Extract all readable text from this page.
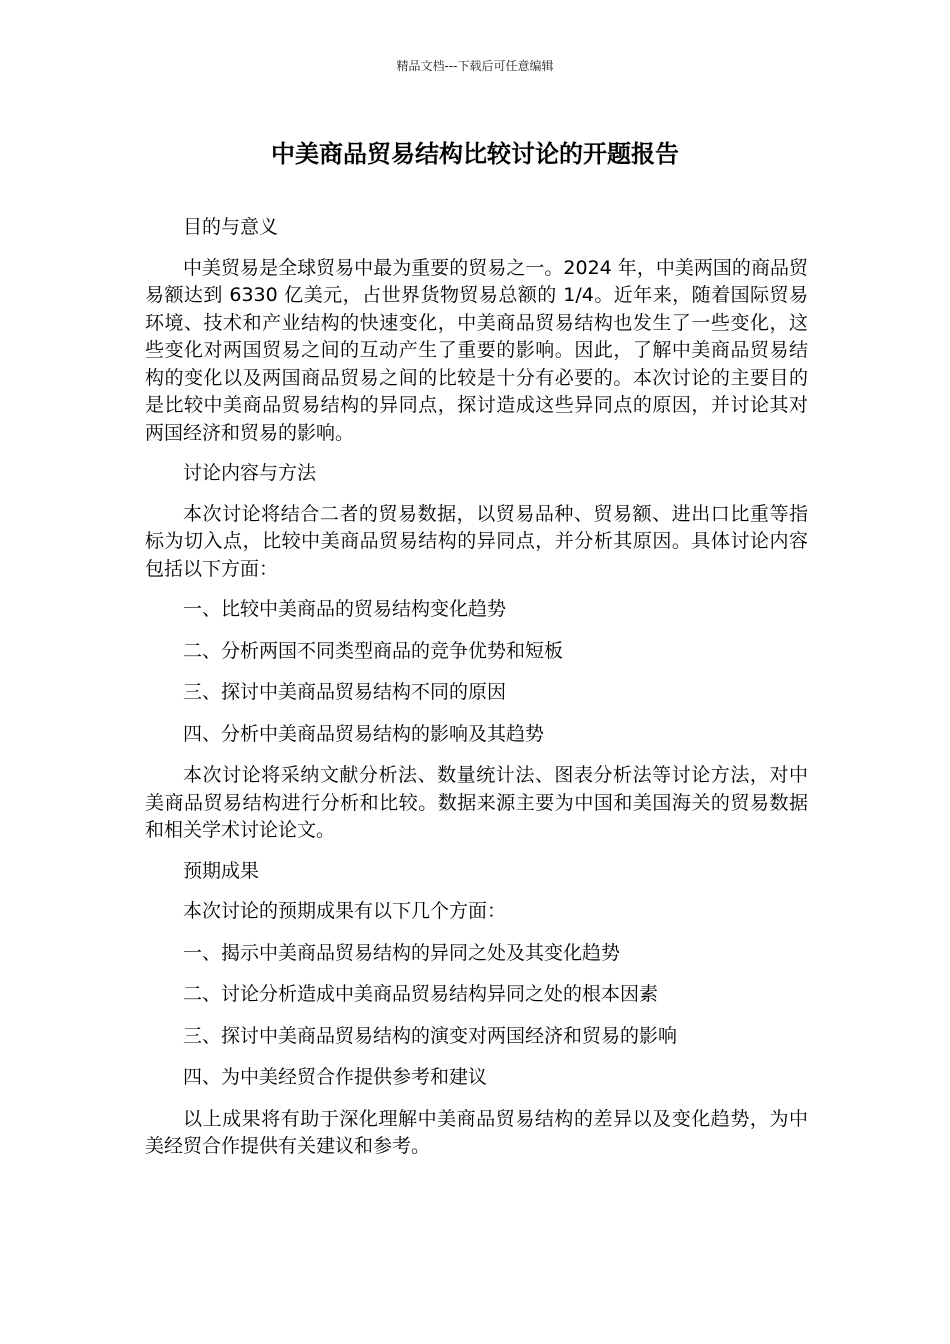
精品文档---下载后可任意编辑
中美商品贸易结构比较讨论的开题报告

目的与意义

中美贸易是全球贸易中最为重要的贸易之一。2024 年，中美两国的商品贸易额达到 6330 亿美元，占世界货物贸易总额的 1/4。近年来，随着国际贸易环境、技术和产业结构的快速变化，中美商品贸易结构也发生了一些变化，这些变化对两国贸易之间的互动产生了重要的影响。因此，了解中美商品贸易结构的变化以及两国商品贸易之间的比较是十分有必要的。本次讨论的主要目的是比较中美商品贸易结构的异同点，探讨造成这些异同点的原因，并讨论其对两国经济和贸易的影响。

讨论内容与方法

本次讨论将结合二者的贸易数据，以贸易品种、贸易额、进出口比重等指标为切入点，比较中美商品贸易结构的异同点，并分析其原因。具体讨论内容包括以下方面：

一、比较中美商品的贸易结构变化趋势

二、分析两国不同类型商品的竞争优势和短板

三、探讨中美商品贸易结构不同的原因

四、分析中美商品贸易结构的影响及其趋势

本次讨论将采纳文献分析法、数量统计法、图表分析法等讨论方法，对中美商品贸易结构进行分析和比较。数据来源主要为中国和美国海关的贸易数据和相关学术讨论论文。

预期成果

本次讨论的预期成果有以下几个方面：

一、揭示中美商品贸易结构的异同之处及其变化趋势

二、讨论分析造成中美商品贸易结构异同之处的根本因素

三、探讨中美商品贸易结构的演变对两国经济和贸易的影响

四、为中美经贸合作提供参考和建议

以上成果将有助于深化理解中美商品贸易结构的差异以及变化趋势，为中美经贸合作提供有关建议和参考。
